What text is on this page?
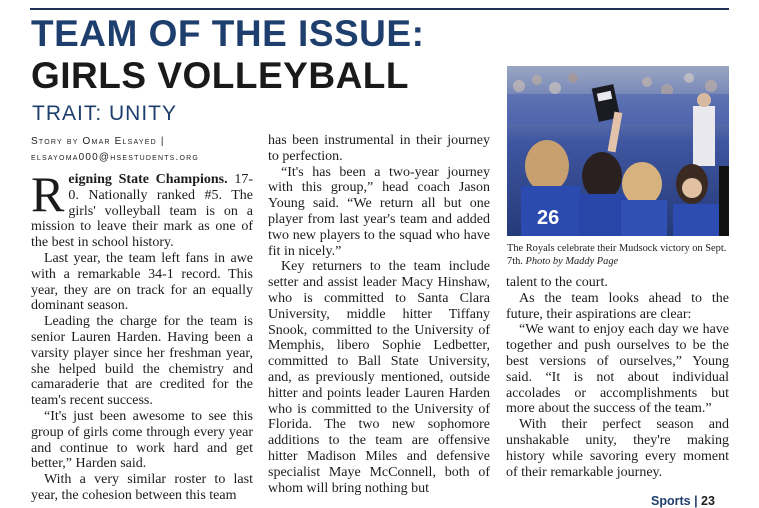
TEAM OF THE ISSUE:
GIRLS VOLLEYBALL
TRAIT: UNITY
Story by Omar Elsayed |
elsayoma000@hsestudents.org

Reigning State Champions. 17-0. Nationally ranked #5. The girls' volleyball team is on a mission to leave their mark as one of the best in school history.

Last year, the team left fans in awe with a remarkable 34-1 record. This year, they are on track for an equally dominant season.

Leading the charge for the team is senior Lauren Harden. Having been a varsity player since her freshman year, she helped build the chemistry and camaraderie that are credited for the team's recent success.

“It's just been awesome to see this group of girls come through every year and continue to work hard and get better,” Harden said.

With a very similar roster to last year, the cohesion between this team

has been instrumental in their journey to perfection.

“It's has been a two-year journey with this group,” head coach Jason Young said. “We return all but one player from last year's team and added two new players to the squad who have fit in nicely.”

Key returners to the team include setter and assist leader Macy Hinshaw, who is committed to Santa Clara University, middle hitter Tiffany Snook, committed to the University of Memphis, libero Sophie Ledbetter, committed to Ball State University, and, as previously mentioned, outside hitter and points leader Lauren Harden who is committed to the University of Florida. The two new sophomore additions to the team are offensive hitter Madison Miles and defensive specialist Maye McConnell, both of whom will bring nothing but

26
The Royals celebrate their Mudsock victory on Sept. 7th. Photo by Maddy Page

talent to the court.

As the team looks ahead to the future, their aspirations are clear:

“We want to enjoy each day we have together and push ourselves to be the best versions of ourselves,” Young said. “It is not about individual accolades or accomplishments but more about the success of the team.”

With their perfect season and unshakable unity, they're making history while savoring every moment of their remarkable journey.

Sports | 23
